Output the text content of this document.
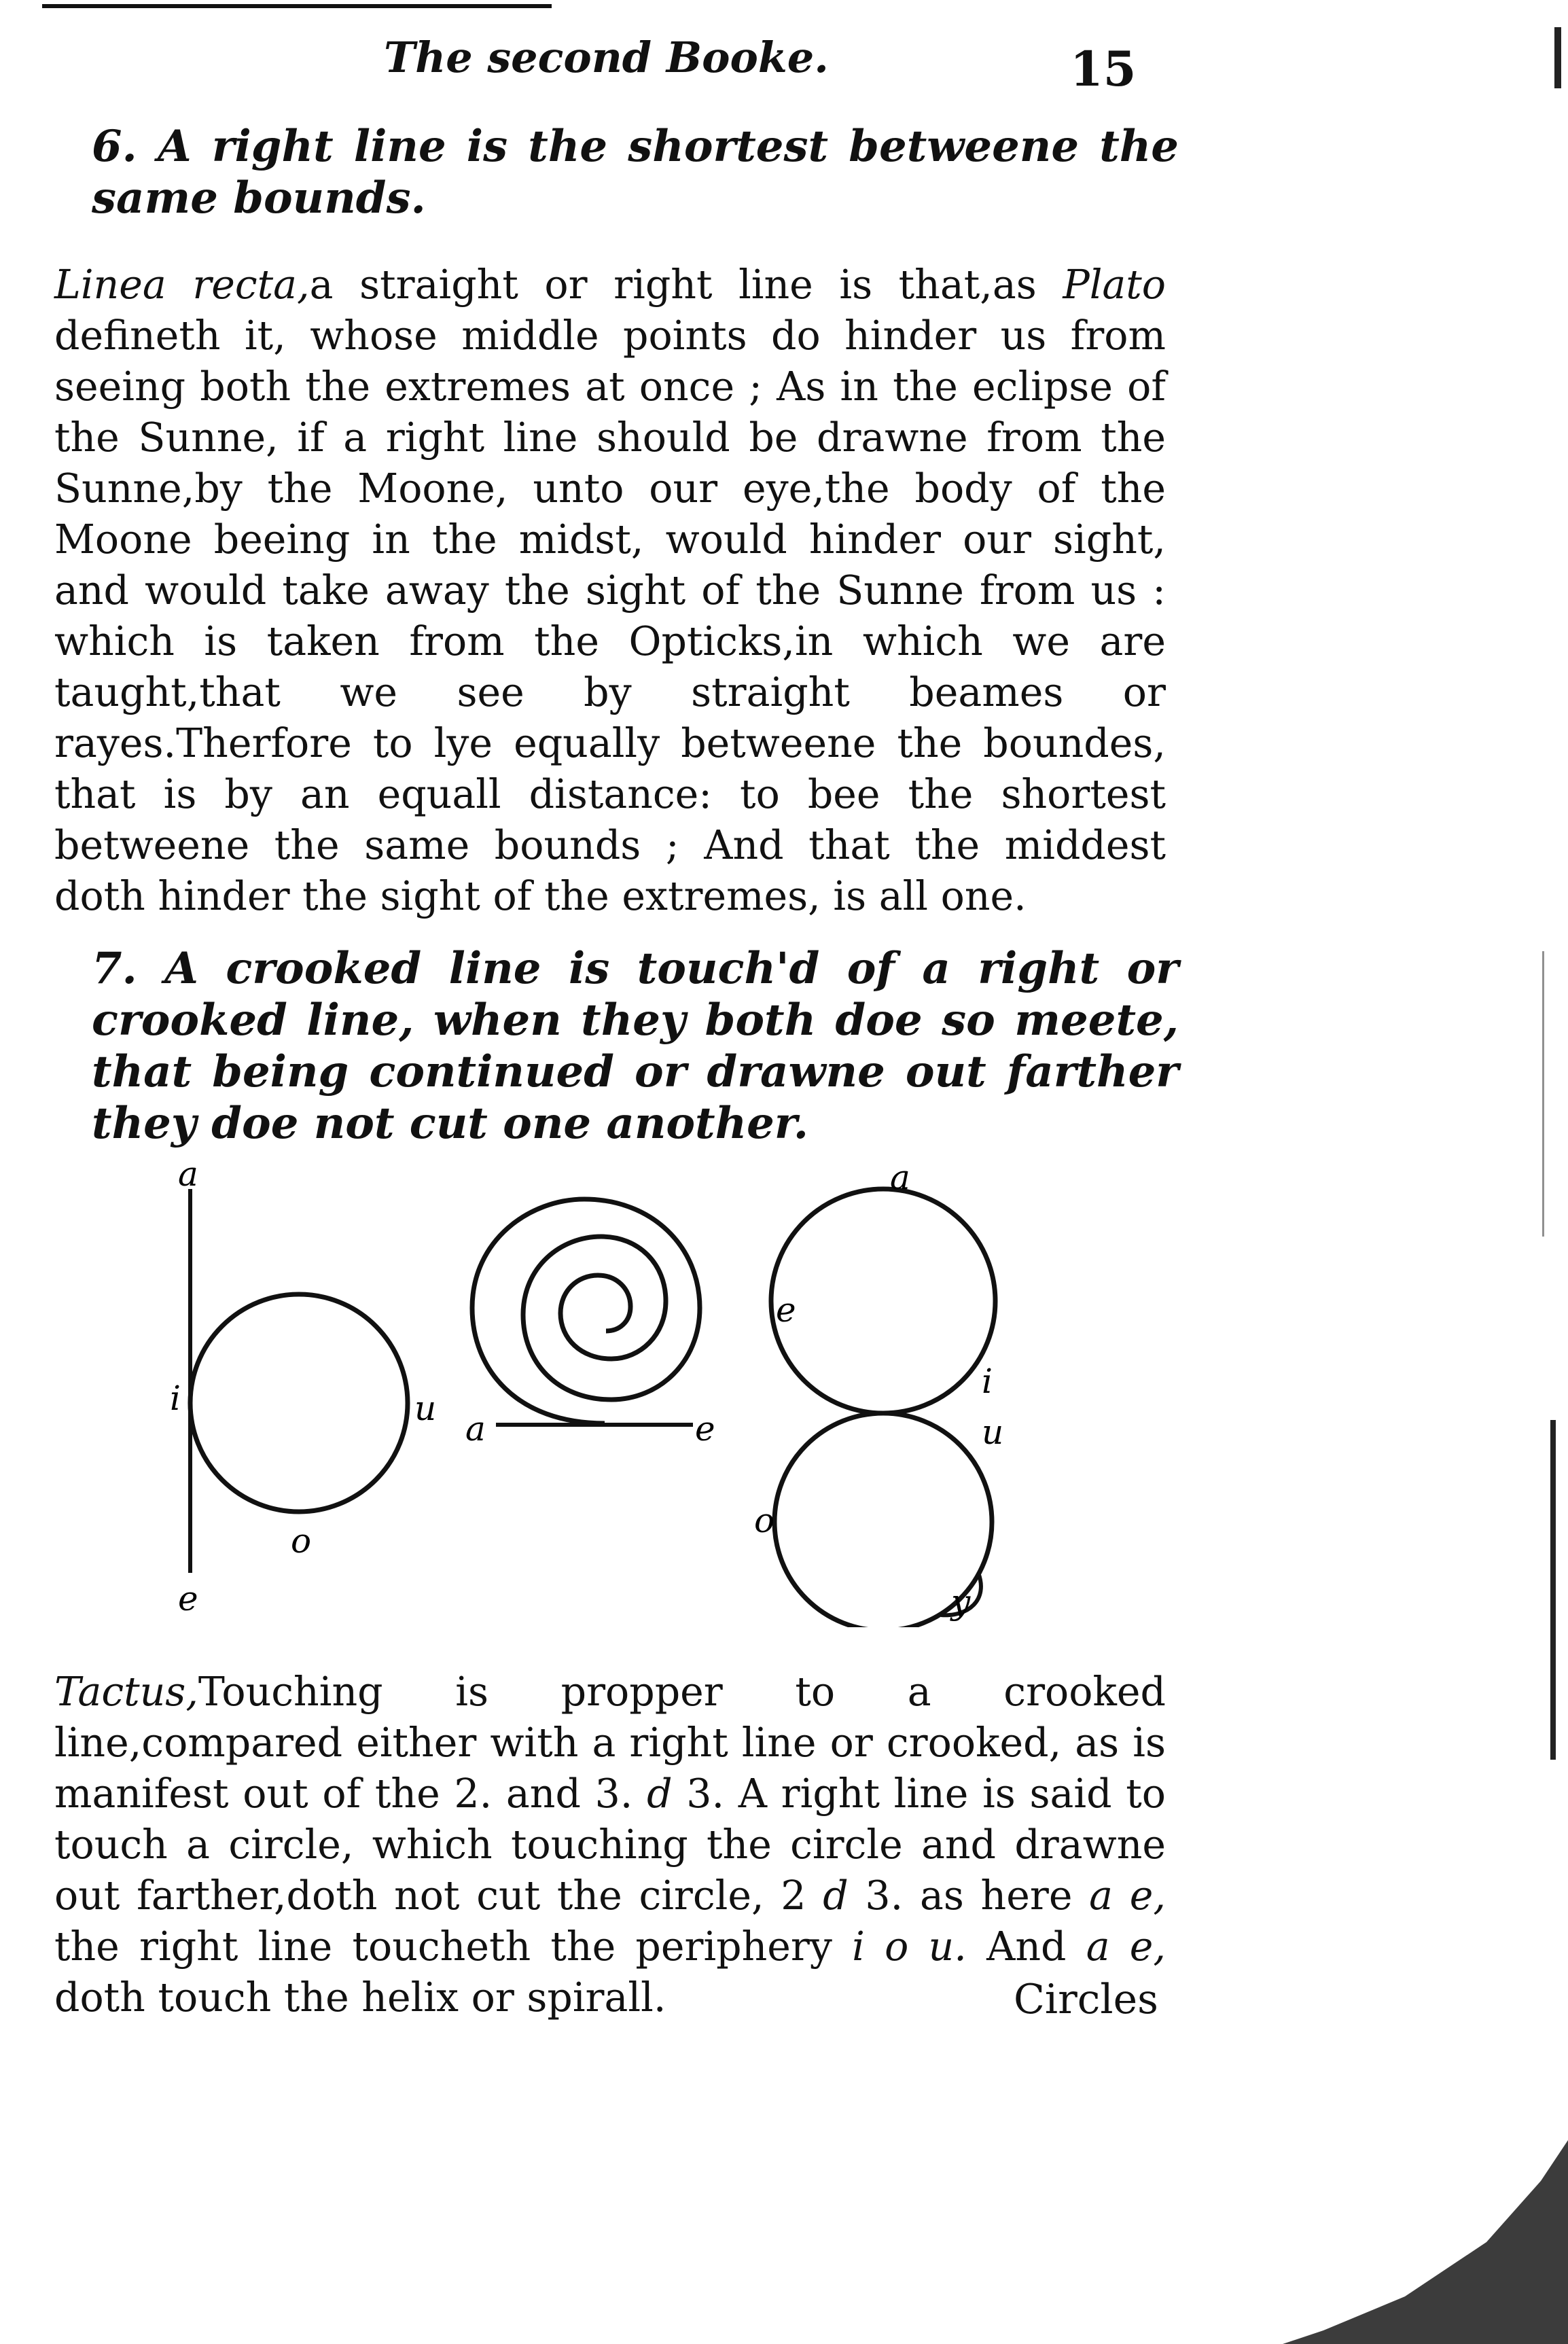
The second Booke.	15
6. A right line is the shortest betweene the same bounds.

Linea recta,a straight or right line is that,as Plato defineth it, whose middle points do hinder us from seeing both the extremes at once ; As in the eclipse of the Sunne, if a right line should be drawne from the Sunne,by the Moone, unto our eye,the body of the Moone beeing in the midst, would hinder our sight, and would take away the sight of the Sunne from us : which is taken from the Opticks,in which we are taught,that we see by straight beames or rayes.Therfore to lye equally betweene the boundes, that is by an equall distance: to bee the shortest betweene the same bounds ; And that the middest doth hinder the sight of the extremes, is all one.

7. A crooked line is touch'd of a right or crooked line, when they both doe so meete, that being continued or drawne out farther they doe not cut one another.
a
i	u
o
e
a	e
a
e
i
u
o
y

Tactus,Touching is propper to a crooked line,compared either with a right line or crooked, as is manifest out of the 2. and 3. d 3. A right line is said to touch a circle, which touching the circle and drawne out farther,doth not cut the circle, 2 d 3. as here a e, the right line toucheth the periphery i o u. And a e, doth touch the helix or spirall.	Circles
